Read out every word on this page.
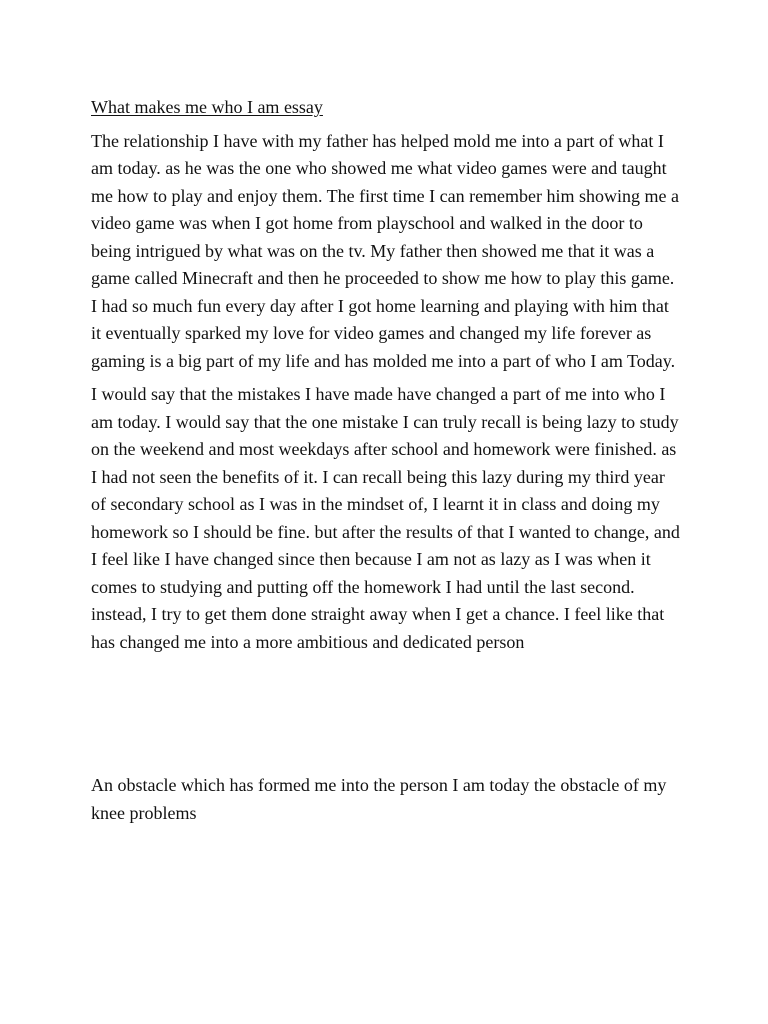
What makes me who I am essay

The relationship I have with my father has helped mold me into a part of what I am today. as he was the one who showed me what video games were and taught me how to play and enjoy them. The first time I can remember him showing me a video game was when I got home from playschool and walked in the door to being intrigued by what was on the tv. My father then showed me that it was a game called Minecraft and then he proceeded to show me how to play this game. I had so much fun every day after I got home learning and playing with him that it eventually sparked my love for video games and changed my life forever as gaming is a big part of my life and has molded me into a part of who I am Today.

I would say that the mistakes I have made have changed a part of me into who I am today. I would say that the one mistake I can truly recall is being lazy to study on the weekend and most weekdays after school and homework were finished. as I had not seen the benefits of it. I can recall being this lazy during my third year of secondary school as I was in the mindset of, I learnt it in class and doing my homework so I should be fine. but after the results of that I wanted to change, and I feel like I have changed since then because I am not as lazy as I was when it comes to studying and putting off the homework I had until the last second. instead, I try to get them done straight away when I get a chance. I feel like that has changed me into a more ambitious and dedicated person

An obstacle which has formed me into the person I am today the obstacle of my knee problems
